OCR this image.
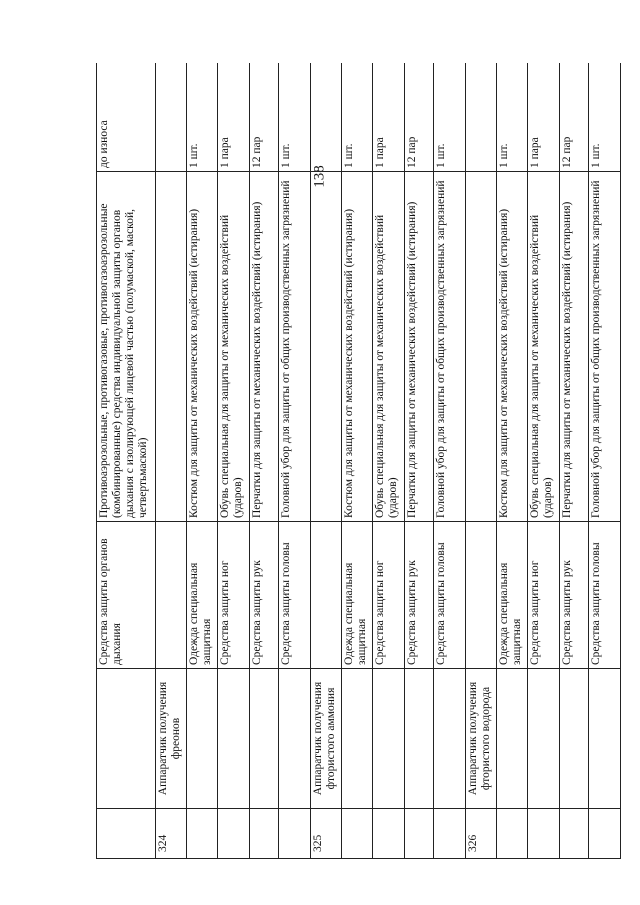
138
		Средства защиты органов дыхания	Противоаэрозольные, противогазовые, противогазоаэрозольные (комбинированные) средства индивидуальной защиты органов дыхания с изолирующей лицевой частью (полумаской, маской, четвертьмаской)	до износа
324	Аппаратчик получения фреонов			
		Одежда специальная защитная	Костюм для защиты от механических воздействий (истирания)	1 шт.
		Средства защиты ног	Обувь специальная для защиты от механических воздействий (ударов)	1 пара
		Средства защиты рук	Перчатки для защиты от механических воздействий (истирания)	12 пар
		Средства защиты головы	Головной убор для защиты от общих производственных загрязнений	1 шт.
325	Аппаратчик получения фтористого аммония			
		Одежда специальная защитная	Костюм для защиты от механических воздействий (истирания)	1 шт.
		Средства защиты ног	Обувь специальная для защиты от механических воздействий (ударов)	1 пара
		Средства защиты рук	Перчатки для защиты от механических воздействий (истирания)	12 пар
		Средства защиты головы	Головной убор для защиты от общих производственных загрязнений	1 шт.
326	Аппаратчик получения фтористого водорода			
		Одежда специальная защитная	Костюм для защиты от механических воздействий (истирания)	1 шт.
		Средства защиты ног	Обувь специальная для защиты от механических воздействий (ударов)	1 пара
		Средства защиты рук	Перчатки для защиты от механических воздействий (истирания)	12 пар
		Средства защиты головы	Головной убор для защиты от общих производственных загрязнений	1 шт.
